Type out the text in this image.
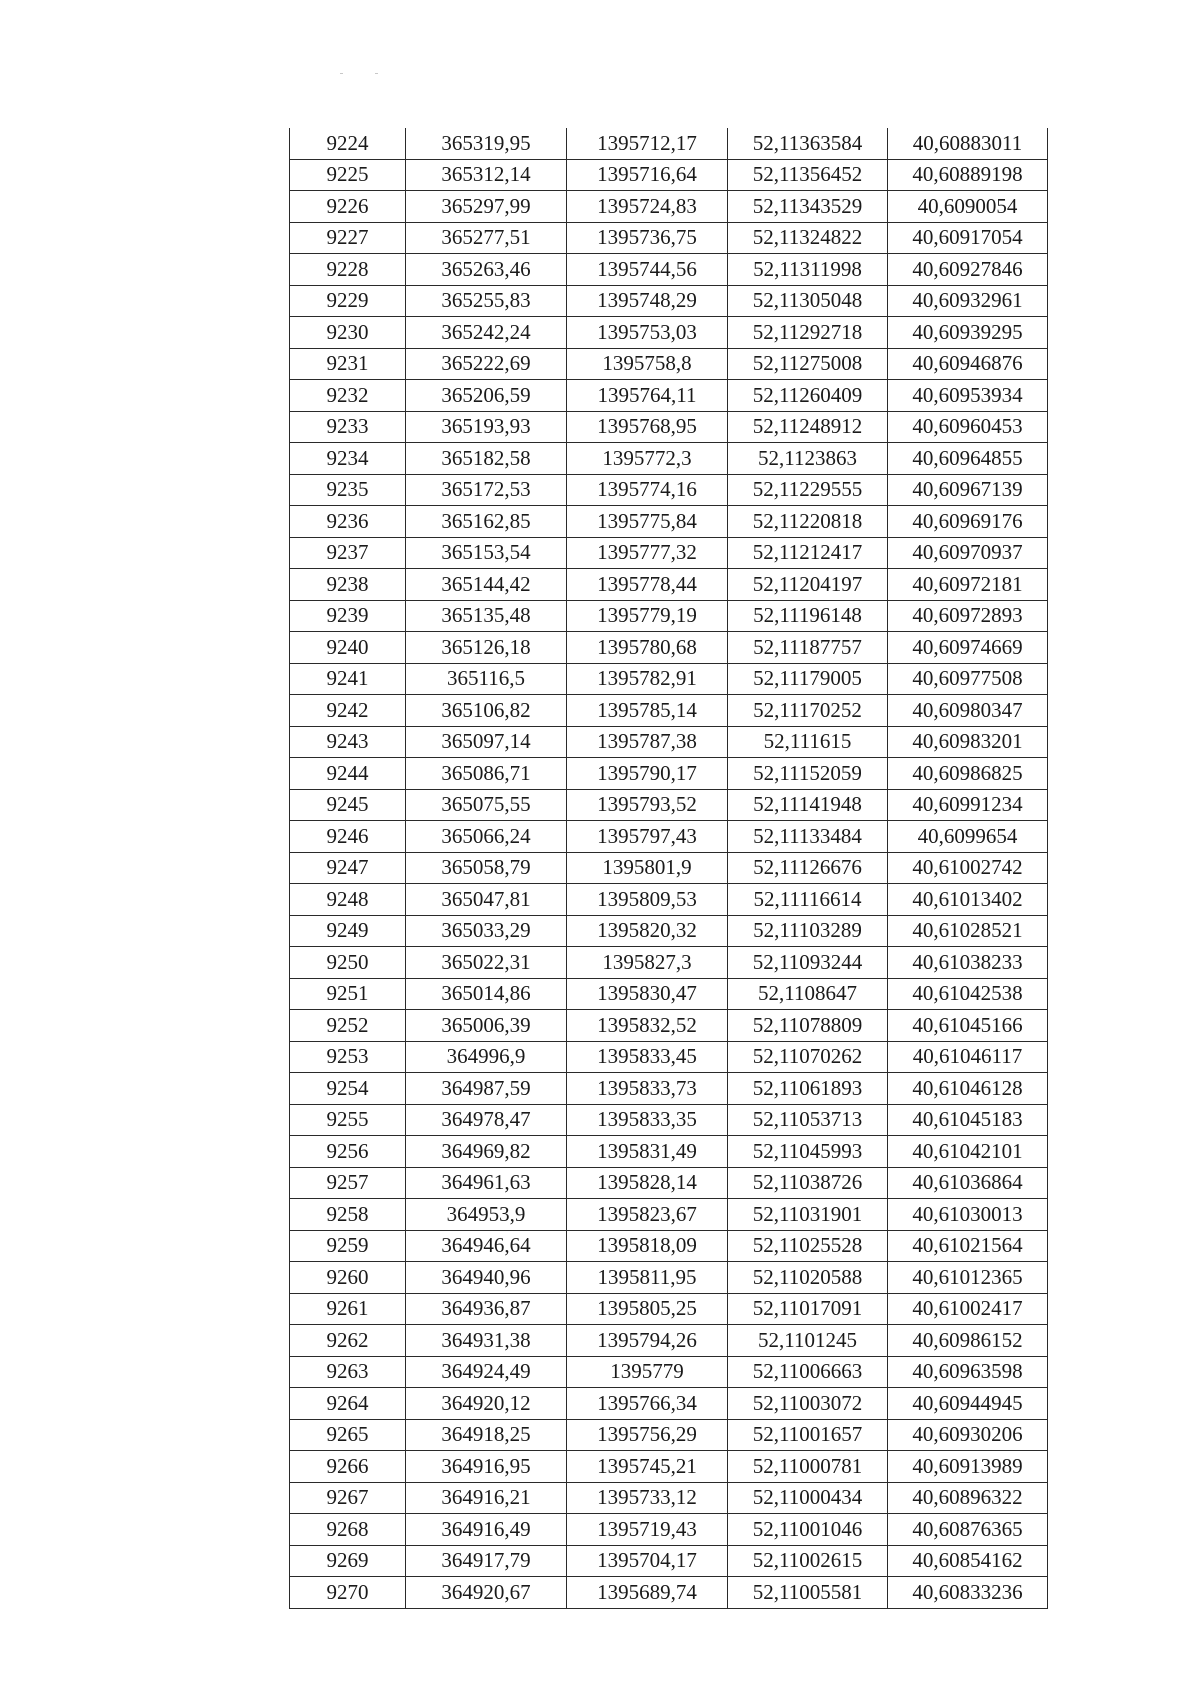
9224	365319,95	1395712,17	52,11363584	40,60883011
9225	365312,14	1395716,64	52,11356452	40,60889198
9226	365297,99	1395724,83	52,11343529	40,6090054
9227	365277,51	1395736,75	52,11324822	40,60917054
9228	365263,46	1395744,56	52,11311998	40,60927846
9229	365255,83	1395748,29	52,11305048	40,60932961
9230	365242,24	1395753,03	52,11292718	40,60939295
9231	365222,69	1395758,8	52,11275008	40,60946876
9232	365206,59	1395764,11	52,11260409	40,60953934
9233	365193,93	1395768,95	52,11248912	40,60960453
9234	365182,58	1395772,3	52,1123863	40,60964855
9235	365172,53	1395774,16	52,11229555	40,60967139
9236	365162,85	1395775,84	52,11220818	40,60969176
9237	365153,54	1395777,32	52,11212417	40,60970937
9238	365144,42	1395778,44	52,11204197	40,60972181
9239	365135,48	1395779,19	52,11196148	40,60972893
9240	365126,18	1395780,68	52,11187757	40,60974669
9241	365116,5	1395782,91	52,11179005	40,60977508
9242	365106,82	1395785,14	52,11170252	40,60980347
9243	365097,14	1395787,38	52,111615	40,60983201
9244	365086,71	1395790,17	52,11152059	40,60986825
9245	365075,55	1395793,52	52,11141948	40,60991234
9246	365066,24	1395797,43	52,11133484	40,6099654
9247	365058,79	1395801,9	52,11126676	40,61002742
9248	365047,81	1395809,53	52,11116614	40,61013402
9249	365033,29	1395820,32	52,11103289	40,61028521
9250	365022,31	1395827,3	52,11093244	40,61038233
9251	365014,86	1395830,47	52,1108647	40,61042538
9252	365006,39	1395832,52	52,11078809	40,61045166
9253	364996,9	1395833,45	52,11070262	40,61046117
9254	364987,59	1395833,73	52,11061893	40,61046128
9255	364978,47	1395833,35	52,11053713	40,61045183
9256	364969,82	1395831,49	52,11045993	40,61042101
9257	364961,63	1395828,14	52,11038726	40,61036864
9258	364953,9	1395823,67	52,11031901	40,61030013
9259	364946,64	1395818,09	52,11025528	40,61021564
9260	364940,96	1395811,95	52,11020588	40,61012365
9261	364936,87	1395805,25	52,11017091	40,61002417
9262	364931,38	1395794,26	52,1101245	40,60986152
9263	364924,49	1395779	52,11006663	40,60963598
9264	364920,12	1395766,34	52,11003072	40,60944945
9265	364918,25	1395756,29	52,11001657	40,60930206
9266	364916,95	1395745,21	52,11000781	40,60913989
9267	364916,21	1395733,12	52,11000434	40,60896322
9268	364916,49	1395719,43	52,11001046	40,60876365
9269	364917,79	1395704,17	52,11002615	40,60854162
9270	364920,67	1395689,74	52,11005581	40,60833236
